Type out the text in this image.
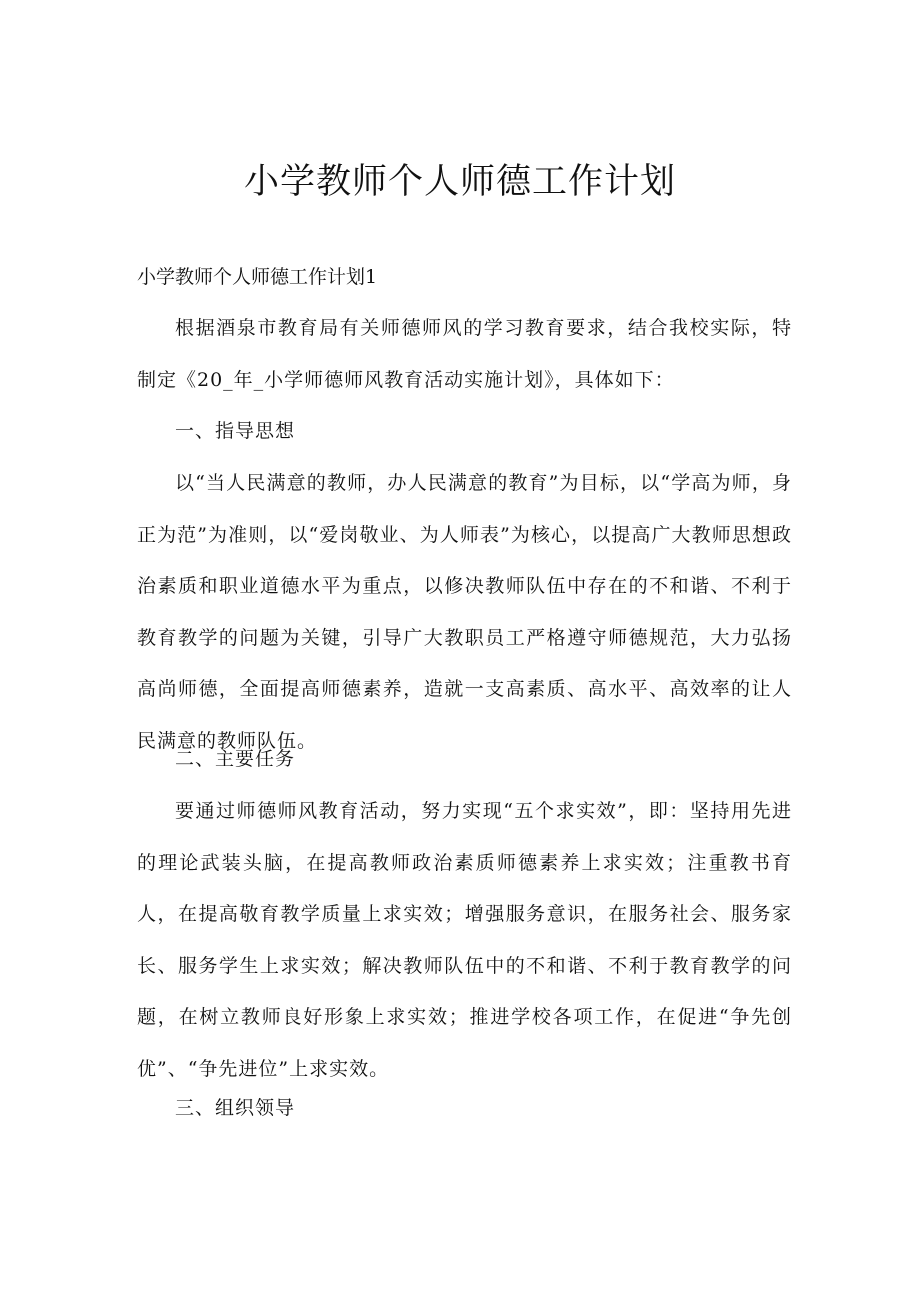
小学教师个人师德工作计划

小学教师个人师德工作计划1

根据酒泉市教育局有关师德师风的学习教育要求，结合我校实际，特制定《20_年_小学师德师风教育活动实施计划》，具体如下：

一、指导思想

以“当人民满意的教师，办人民满意的教育”为目标，以“学高为师，身正为范”为准则，以“爱岗敬业、为人师表”为核心，以提高广大教师思想政治素质和职业道德水平为重点，以修决教师队伍中存在的不和谐、不利于教育教学的问题为关键，引导广大教职员工严格遵守师德规范，大力弘扬高尚师德，全面提高师德素养，造就一支高素质、高水平、高效率的让人民满意的教师队伍。

二、主要任务

要通过师德师风教育活动，努力实现“五个求实效”，即：坚持用先进的理论武装头脑，在提高教师政治素质师德素养上求实效；注重教书育人，在提高敬育教学质量上求实效；增强服务意识，在服务社会、服务家长、服务学生上求实效；解决教师队伍中的不和谐、不利于教育教学的问题，在树立教师良好形象上求实效；推进学校各项工作，在促进“争先创优”、“争先进位”上求实效。

三、组织领导
